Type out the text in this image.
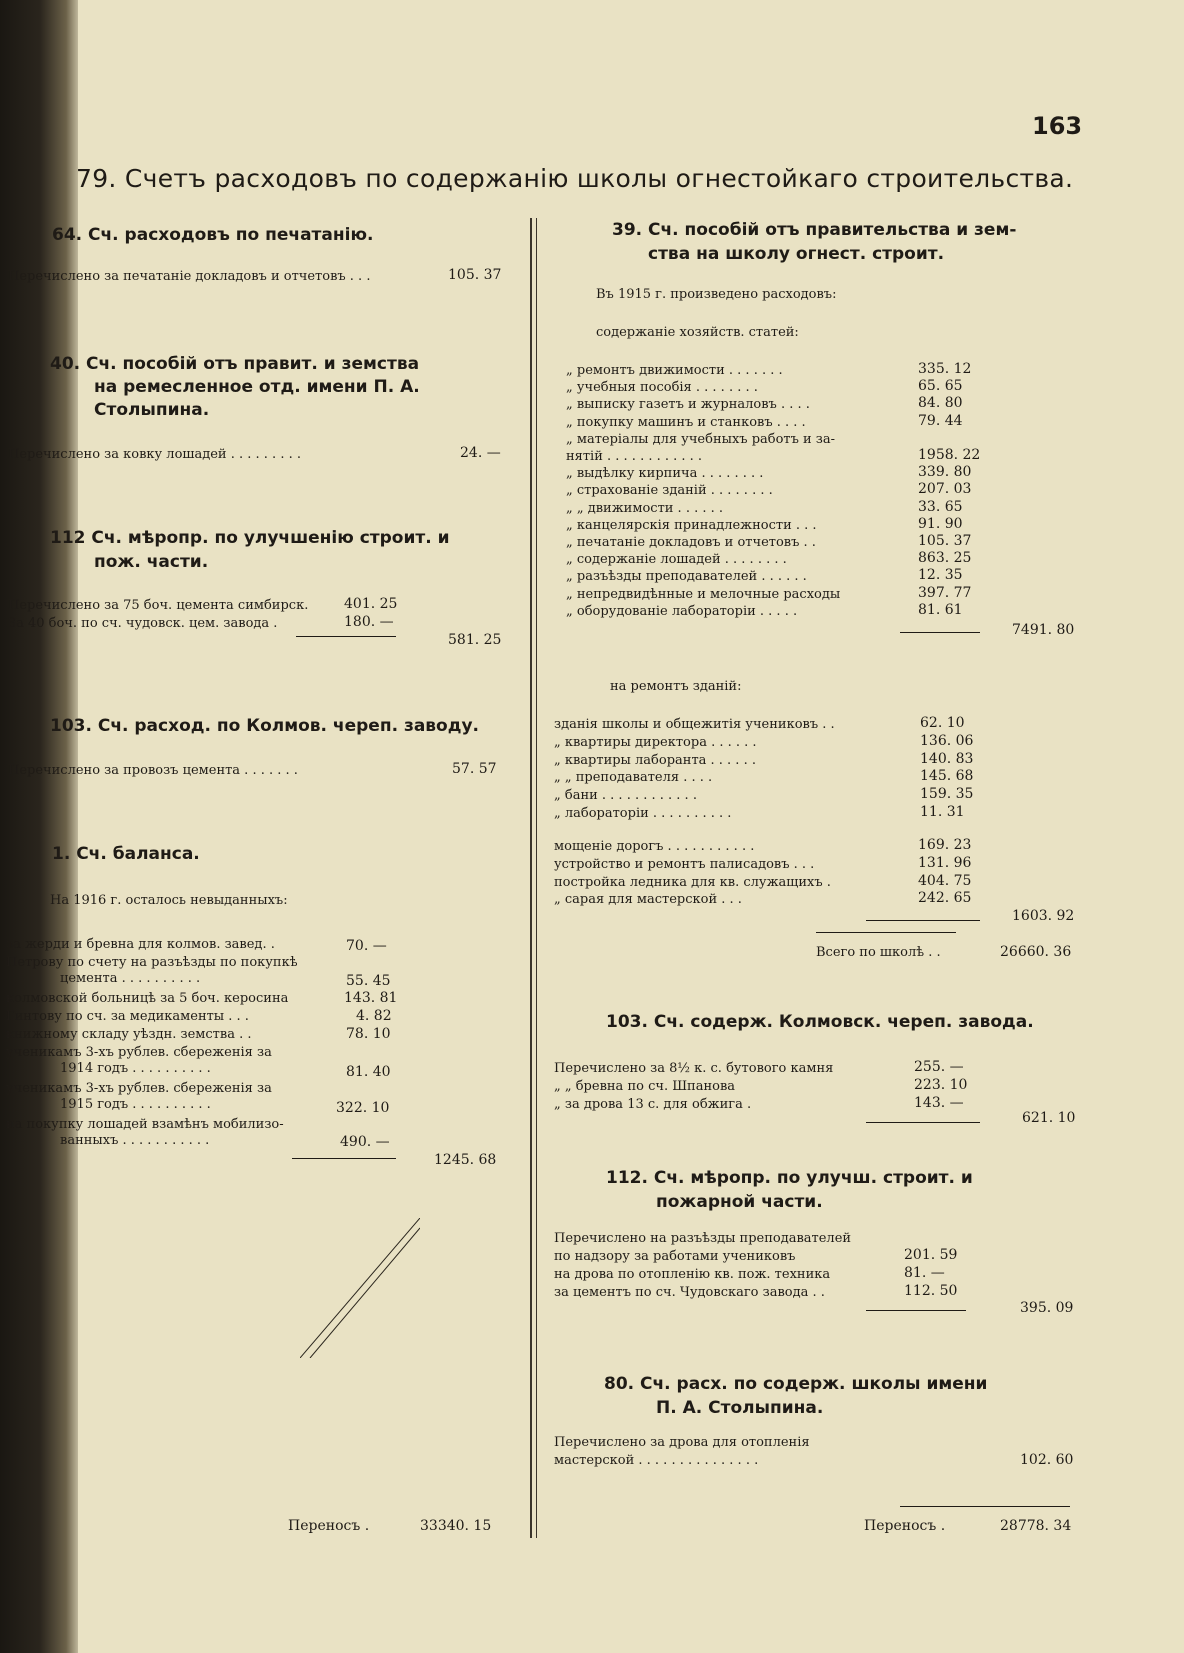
163
79. Счетъ расходовъ по содержанію школы огнестойкаго строительства.
64. Сч. расходовъ по печатанію.
Перечислено за печатаніе докладовъ и отчетовъ . . .	105. 37
40. Сч. пособій отъ правит. и земства
на ремесленное отд. имени П. А.
Столыпина.
Перечислено за ковку лошадей . . . . . . . . .	24. —
112 Сч. мѣропр. по улучшенію строит. и
пож. части.
Перечислено за 75 боч. цемента симбирск.	401. 25
За 40 боч. по сч. чудовск. цем. завода .	180. —
581. 25
103. Сч. расход. по Колмов. череп. заводу.
Перечислено за провозъ цемента . . . . . . .	57. 57
1. Сч. баланса.
На 1916 г. осталось невыданныхъ:
за жерди и бревна для колмов. завед. .	70. —
Петрову по счету на разъѣзды по покупкѣ
цемента . . . . . . . . . .	55. 45
колмовской больницѣ за 5 боч. керосина	143. 81
Гинтову по сч. за медикаменты . . .	4. 82
книжному складу уѣздн. земства . .	78. 10
ученикамъ 3-хъ рублев. сбереженія за
1914 годъ . . . . . . . . . .	81. 40
ученикамъ 3-хъ рублев. сбереженія за
1915 годъ . . . . . . . . . .	322. 10
на покупку лошадей взамѣнъ мобилизо-
ванныхъ . . . . . . . . . . .	490. —
1245. 68
Переносъ .	33340. 15
39. Сч. пособій отъ правительства и зем-
ства на школу огнест. строит.
Въ 1915 г. произведено расходовъ:
содержаніе хозяйств. статей:
„ ремонтъ движимости . . . . . . .	335. 12
„ учебныя пособія . . . . . . . .	65. 65
„ выписку газетъ и журналовъ . . . .	84. 80
„ покупку машинъ и станковъ . . . .	79. 44
„ матеріалы для учебныхъ работъ и за-
нятій . . . . . . . . . . . .	1958. 22
„ выдѣлку кирпича . . . . . . . .	339. 80
„ страхованіе зданій . . . . . . . .	207. 03
„ „ движимости . . . . . .	33. 65
„ канцелярскія принадлежности . . .	91. 90
„ печатаніе докладовъ и отчетовъ . .	105. 37
„ содержаніе лошадей . . . . . . . .	863. 25
„ разъѣзды преподавателей . . . . . .	12. 35
„ непредвидѣнные и мелочные расходы	397. 77
„ оборудованіе лабораторіи . . . . .	81. 61
7491. 80
на ремонтъ зданій:
зданія школы и общежитія учениковъ . .	62. 10
„ квартиры директора . . . . . .	136. 06
„ квартиры лаборанта . . . . . .	140. 83
„ „ преподавателя . . . .	145. 68
„ бани . . . . . . . . . . . .	159. 35
„ лабораторіи . . . . . . . . . .	11. 31
мощеніе дорогъ . . . . . . . . . . .	169. 23
устройство и ремонтъ палисадовъ . . .	131. 96
постройка ледника для кв. служащихъ .	404. 75
„ сарая для мастерской . . .	242. 65
1603. 92
Всего по школѣ . .	26660. 36
103. Сч. содерж. Колмовск. череп. завода.
Перечислено за 8½ к. с. бутового камня	255. —
„ „ бревна по сч. Шпанова	223. 10
„ за дрова 13 с. для обжига .	143. —
621. 10
112. Сч. мѣропр. по улучш. строит. и
пожарной части.
Перечислено на разъѣзды преподавателей
по надзору за работами учениковъ	201. 59
на дрова по отопленію кв. пож. техника	81. —
за цементъ по сч. Чудовскаго завода . .	112. 50
395. 09
80. Сч. расх. по содерж. школы имени
П. А. Столыпина.
Перечислено за дрова для отопленія
мастерской . . . . . . . . . . . . . . .	102. 60
Переносъ .	28778. 34
